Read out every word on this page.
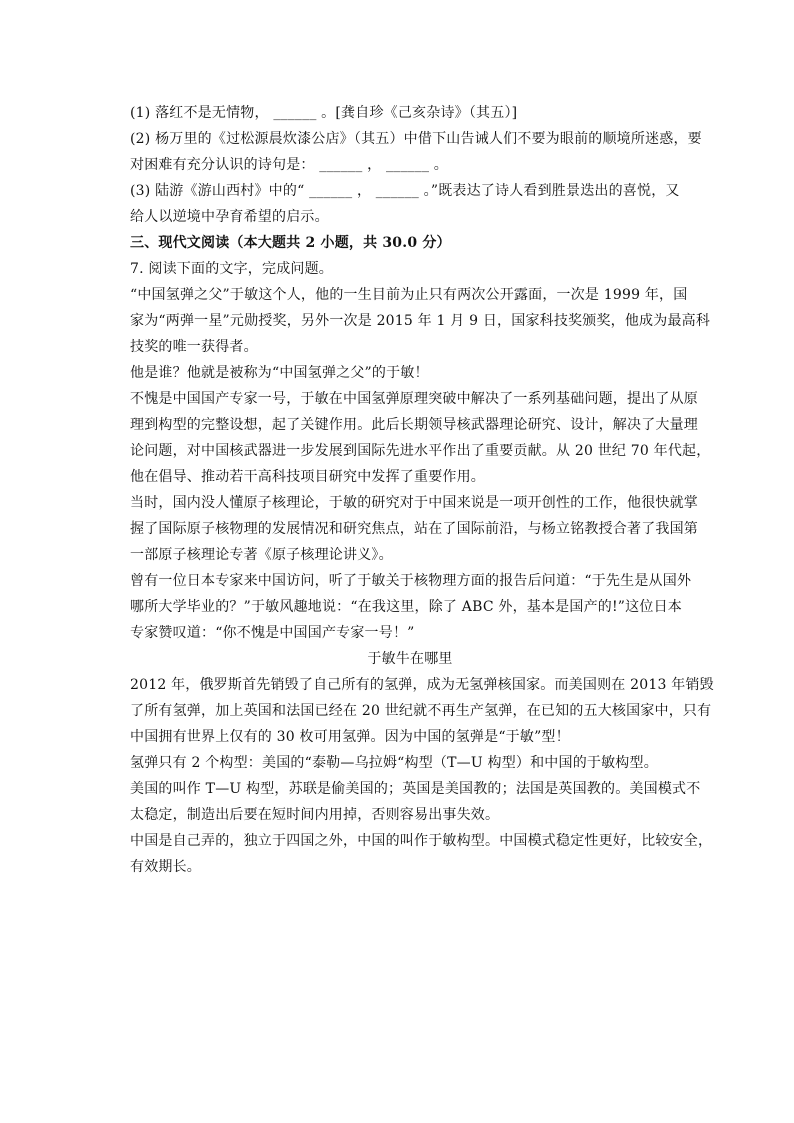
(1) 落红不是无情物， ______ 。[龚自珍《己亥杂诗》（其五）]
(2) 杨万里的《过松源晨炊漆公店》（其五）中借下山告诫人们不要为眼前的顺境所迷惑，要
对困难有充分认识的诗句是： ______ ， ______ 。
(3) 陆游《游山西村》中的“ ______ ， ______ 。”既表达了诗人看到胜景迭出的喜悦，又
给人以逆境中孕育希望的启示。
三、现代文阅读（本大题共 2 小题，共 30.0 分）
7. 阅读下面的文字，完成问题。
“中国氢弹之父”于敏这个人，他的一生目前为止只有两次公开露面，一次是 1999 年，国
家为“两弹一星”元勋授奖，另外一次是 2015 年 1 月 9 日，国家科技奖颁奖，他成为最高科
技奖的唯一获得者。
他是谁？他就是被称为“中国氢弹之父”的于敏！
不愧是中国国产专家一号，于敏在中国氢弹原理突破中解决了一系列基础问题，提出了从原
理到构型的完整设想，起了关键作用。此后长期领导核武器理论研究、设计，解决了大量理
论问题，对中国核武器进一步发展到国际先进水平作出了重要贡献。从 20 世纪 70 年代起，
他在倡导、推动若干高科技项目研究中发挥了重要作用。
当时，国内没人懂原子核理论，于敏的研究对于中国来说是一项开创性的工作，他很快就掌
握了国际原子核物理的发展情况和研究焦点，站在了国际前沿，与杨立铭教授合著了我国第
一部原子核理论专著《原子核理论讲义》。
曾有一位日本专家来中国访问，听了于敏关于核物理方面的报告后问道：“于先生是从国外
哪所大学毕业的？”于敏风趣地说：“在我这里，除了 ABC 外，基本是国产的!”这位日本
专家赞叹道：“你不愧是中国国产专家一号！”
于敏牛在哪里
2012 年，俄罗斯首先销毁了自己所有的氢弹，成为无氢弹核国家。而美国则在 2013 年销毁
了所有氢弹，加上英国和法国已经在 20 世纪就不再生产氢弹，在已知的五大核国家中，只有
中国拥有世界上仅有的 30 枚可用氢弹。因为中国的氢弹是“于敏”型！
氢弹只有 2 个构型：美国的“泰勒—乌拉姆“构型（T—U 构型）和中国的于敏构型。
美国的叫作 T—U 构型，苏联是偷美国的；英国是美国教的；法国是英国教的。美国模式不
太稳定，制造出后要在短时间内用掉，否则容易出事失效。
中国是自己弄的，独立于四国之外，中国的叫作于敏构型。中国模式稳定性更好，比较安全，
有效期长。
